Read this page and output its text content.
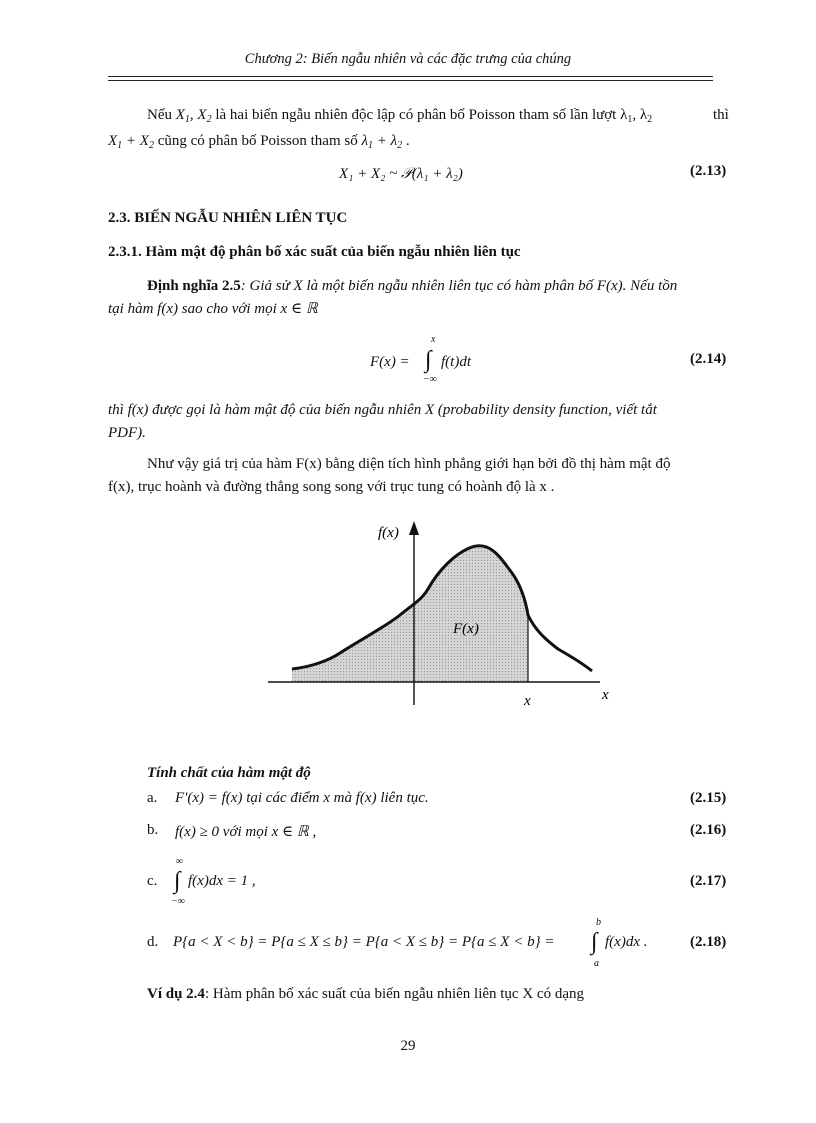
Chương 2: Biến ngẫu nhiên và các đặc trưng của chúng
Nếu $X_1$, $X_2$ là hai biến ngẫu nhiên độc lập có phân bố Poisson tham số lần lượt $\lambda_1$, $\lambda_2$	thì
$X_1 + X_2$ cũng có phân bố Poisson tham số $\lambda_1 + \lambda_2$ .
X₁ + X₂ ~ 𝒫(λ₁ + λ₂)	(2.13)
2.3. BIẾN NGẪU NHIÊN LIÊN TỤC
2.3.1. Hàm mật độ phân bố xác suất của biến ngẫu nhiên liên tục
Định nghĩa 2.5: Giả sử X là một biến ngẫu nhiên liên tục có hàm phân bố F(x). Nếu tồn
tại hàm f(x) sao cho với mọi x ∈ ℝ
F(x) =
x
∫
−∞
f(t)dt	(2.14)
thì f(x) được gọi là hàm mật độ của biến ngẫu nhiên X (probability density function, viết tắt
PDF).
Như vậy giá trị của hàm F(x) bằng diện tích hình phẳng giới hạn bởi đồ thị hàm mật độ
f(x), trục hoành và đường thẳng song song với trục tung có hoành độ là x .
f(x)
F(x)
x
x
Tính chất của hàm mật độ
a. F'(x) = f(x) tại các điểm x mà f(x) liên tục.	(2.15)
b. f(x) ≥ 0 với mọi x ∈ ℝ ,	(2.16)
c.
∞
∫
−∞
f(x)dx = 1 ,	(2.17)
d. P{a < X < b} = P{a ≤ X ≤ b} = P{a < X ≤ b} = P{a ≤ X < b} =
b
∫
a
f(x)dx .	(2.18)
Ví dụ 2.4: Hàm phân bố xác suất của biến ngẫu nhiên liên tục X có dạng
29
